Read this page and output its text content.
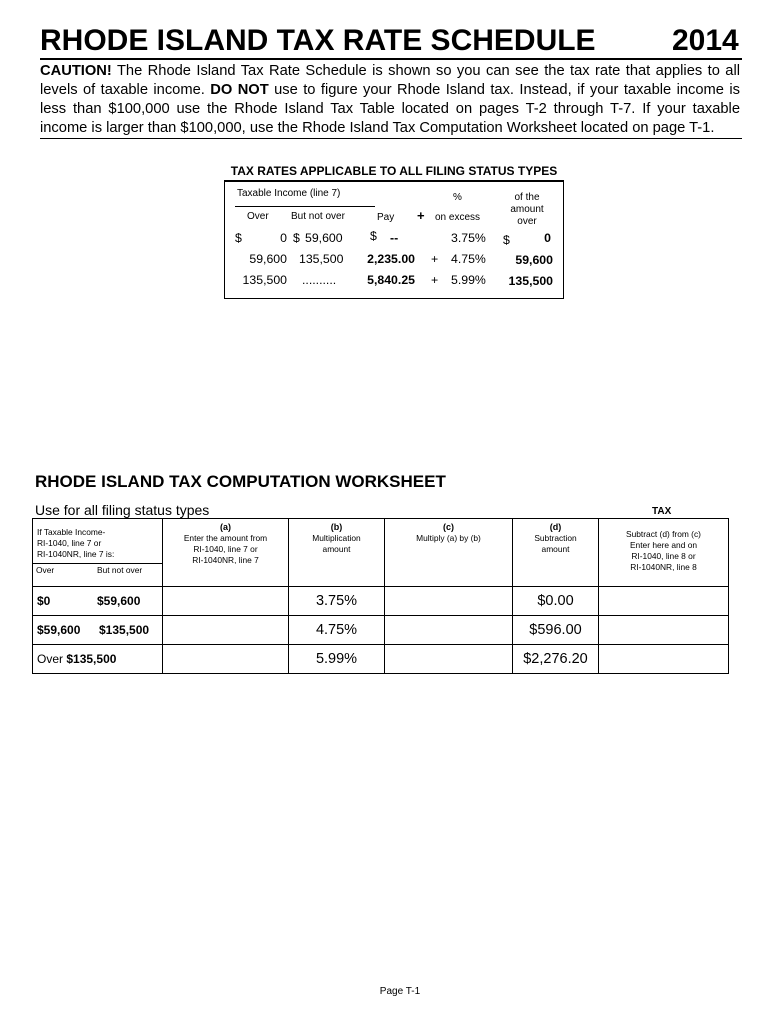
RHODE ISLAND TAX RATE SCHEDULE	2014
CAUTION! The Rhode Island Tax Rate Schedule is shown so you can see the tax rate that applies to all levels of taxable income. DO NOT use to figure your Rhode Island tax. Instead, if your taxable income is less than $100,000 use the Rhode Island Tax Table located on pages T-2 through T-7. If your taxable income is larger than $100,000, use the Rhode Island Tax Computation Worksheet located on page T-1.
TAX RATES APPLICABLE TO ALL FILING STATUS TYPES
Taxable Income (line 7)
Over But not over	Pay +
%
on excess
of the
amount
over
$	0 $ 59,600 $ --	3.75% $	0
59,600 135,500	2,235.00 + 4.75%	59,600
135,500 ..........	5,840.25 + 5.99%	135,500
RHODE ISLAND TAX COMPUTATION WORKSHEET
Use for all filing status types	TAX
If Taxable Income-
RI-1040, line 7 or
RI-1040NR, line 7 is:
Over But not over	(a)
Enter the amount from
RI-1040, line 7 or
RI-1040NR, line 7	(b)
Multiplication
amount	(c)
Multiply (a) by (b)	(d)
Subtraction
amount	Subtract (d) from (c)
Enter here and on
RI-1040, line 8 or
RI-1040NR, line 8
$0 $59,600		3.75%		$0.00	
$59,600 $135,500		4.75%		$596.00	
Over $135,500		5.99%		$2,276.20	
Page T-1
